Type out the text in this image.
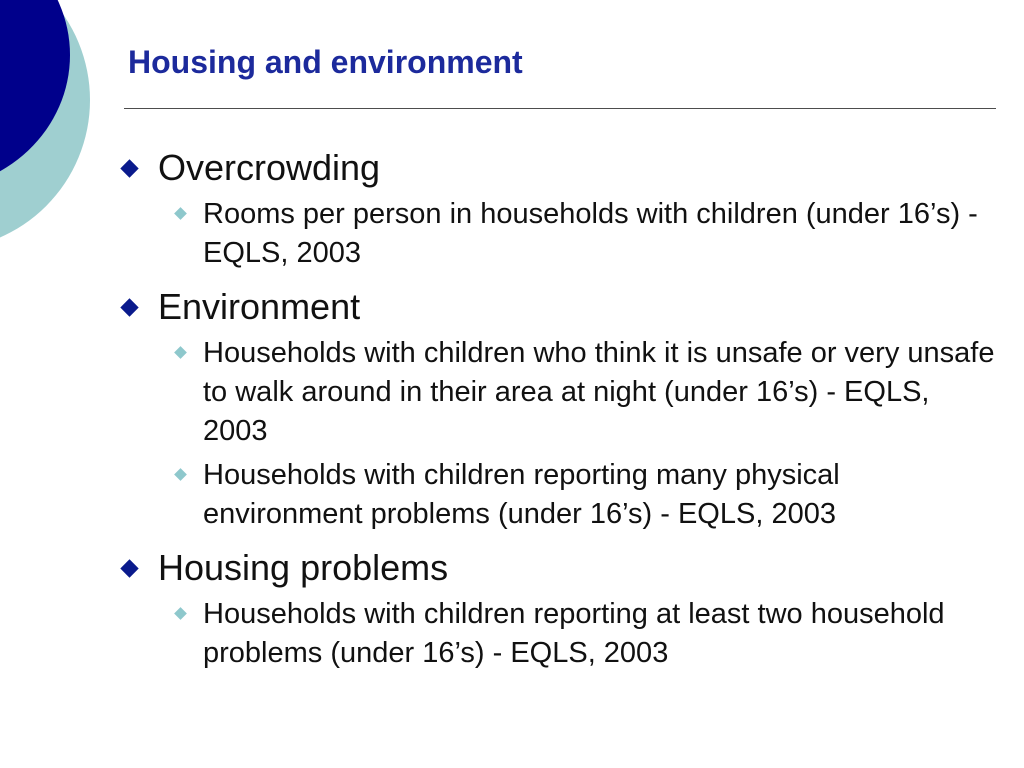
Housing and environment
Overcrowding
Rooms per person in households with children (under 16’s) - EQLS, 2003
Environment
Households with children who think it is unsafe or very unsafe to walk around in their area at night (under 16’s) - EQLS, 2003
Households with children reporting many physical environment problems (under 16’s) - EQLS, 2003
Housing problems
Households with children reporting at least two household problems (under 16’s) - EQLS, 2003
